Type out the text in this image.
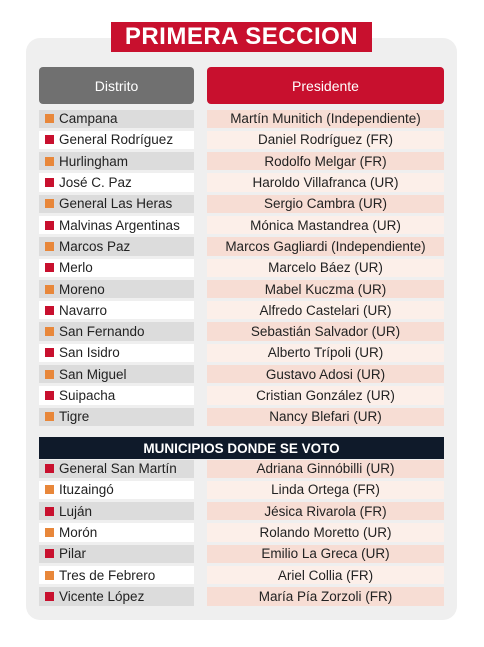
PRIMERA SECCION
Distrito	Presidente
Campana	Martín Munitich (Independiente)
General Rodríguez	Daniel Rodríguez (FR)
Hurlingham	Rodolfo Melgar (FR)
José C. Paz	Haroldo Villafranca (UR)
General Las Heras	Sergio Cambra (UR)
Malvinas Argentinas	Mónica Mastandrea (UR)
Marcos Paz	Marcos Gagliardi (Independiente)
Merlo	Marcelo Báez (UR)
Moreno	Mabel Kuczma (UR)
Navarro	Alfredo Castelari (UR)
San Fernando	Sebastián Salvador (UR)
San Isidro	Alberto Trípoli (UR)
San Miguel	Gustavo Adosi (UR)
Suipacha	Cristian González (UR)
Tigre	Nancy Blefari (UR)
MUNICIPIOS DONDE SE VOTO
General San Martín	Adriana Ginnóbilli (UR)
Ituzaingó	Linda Ortega (FR)
Luján	Jésica Rivarola (FR)
Morón	Rolando Moretto (UR)
Pilar	Emilio La Greca (UR)
Tres de Febrero	Ariel Collia (FR)
Vicente López	María Pía Zorzoli (FR)
